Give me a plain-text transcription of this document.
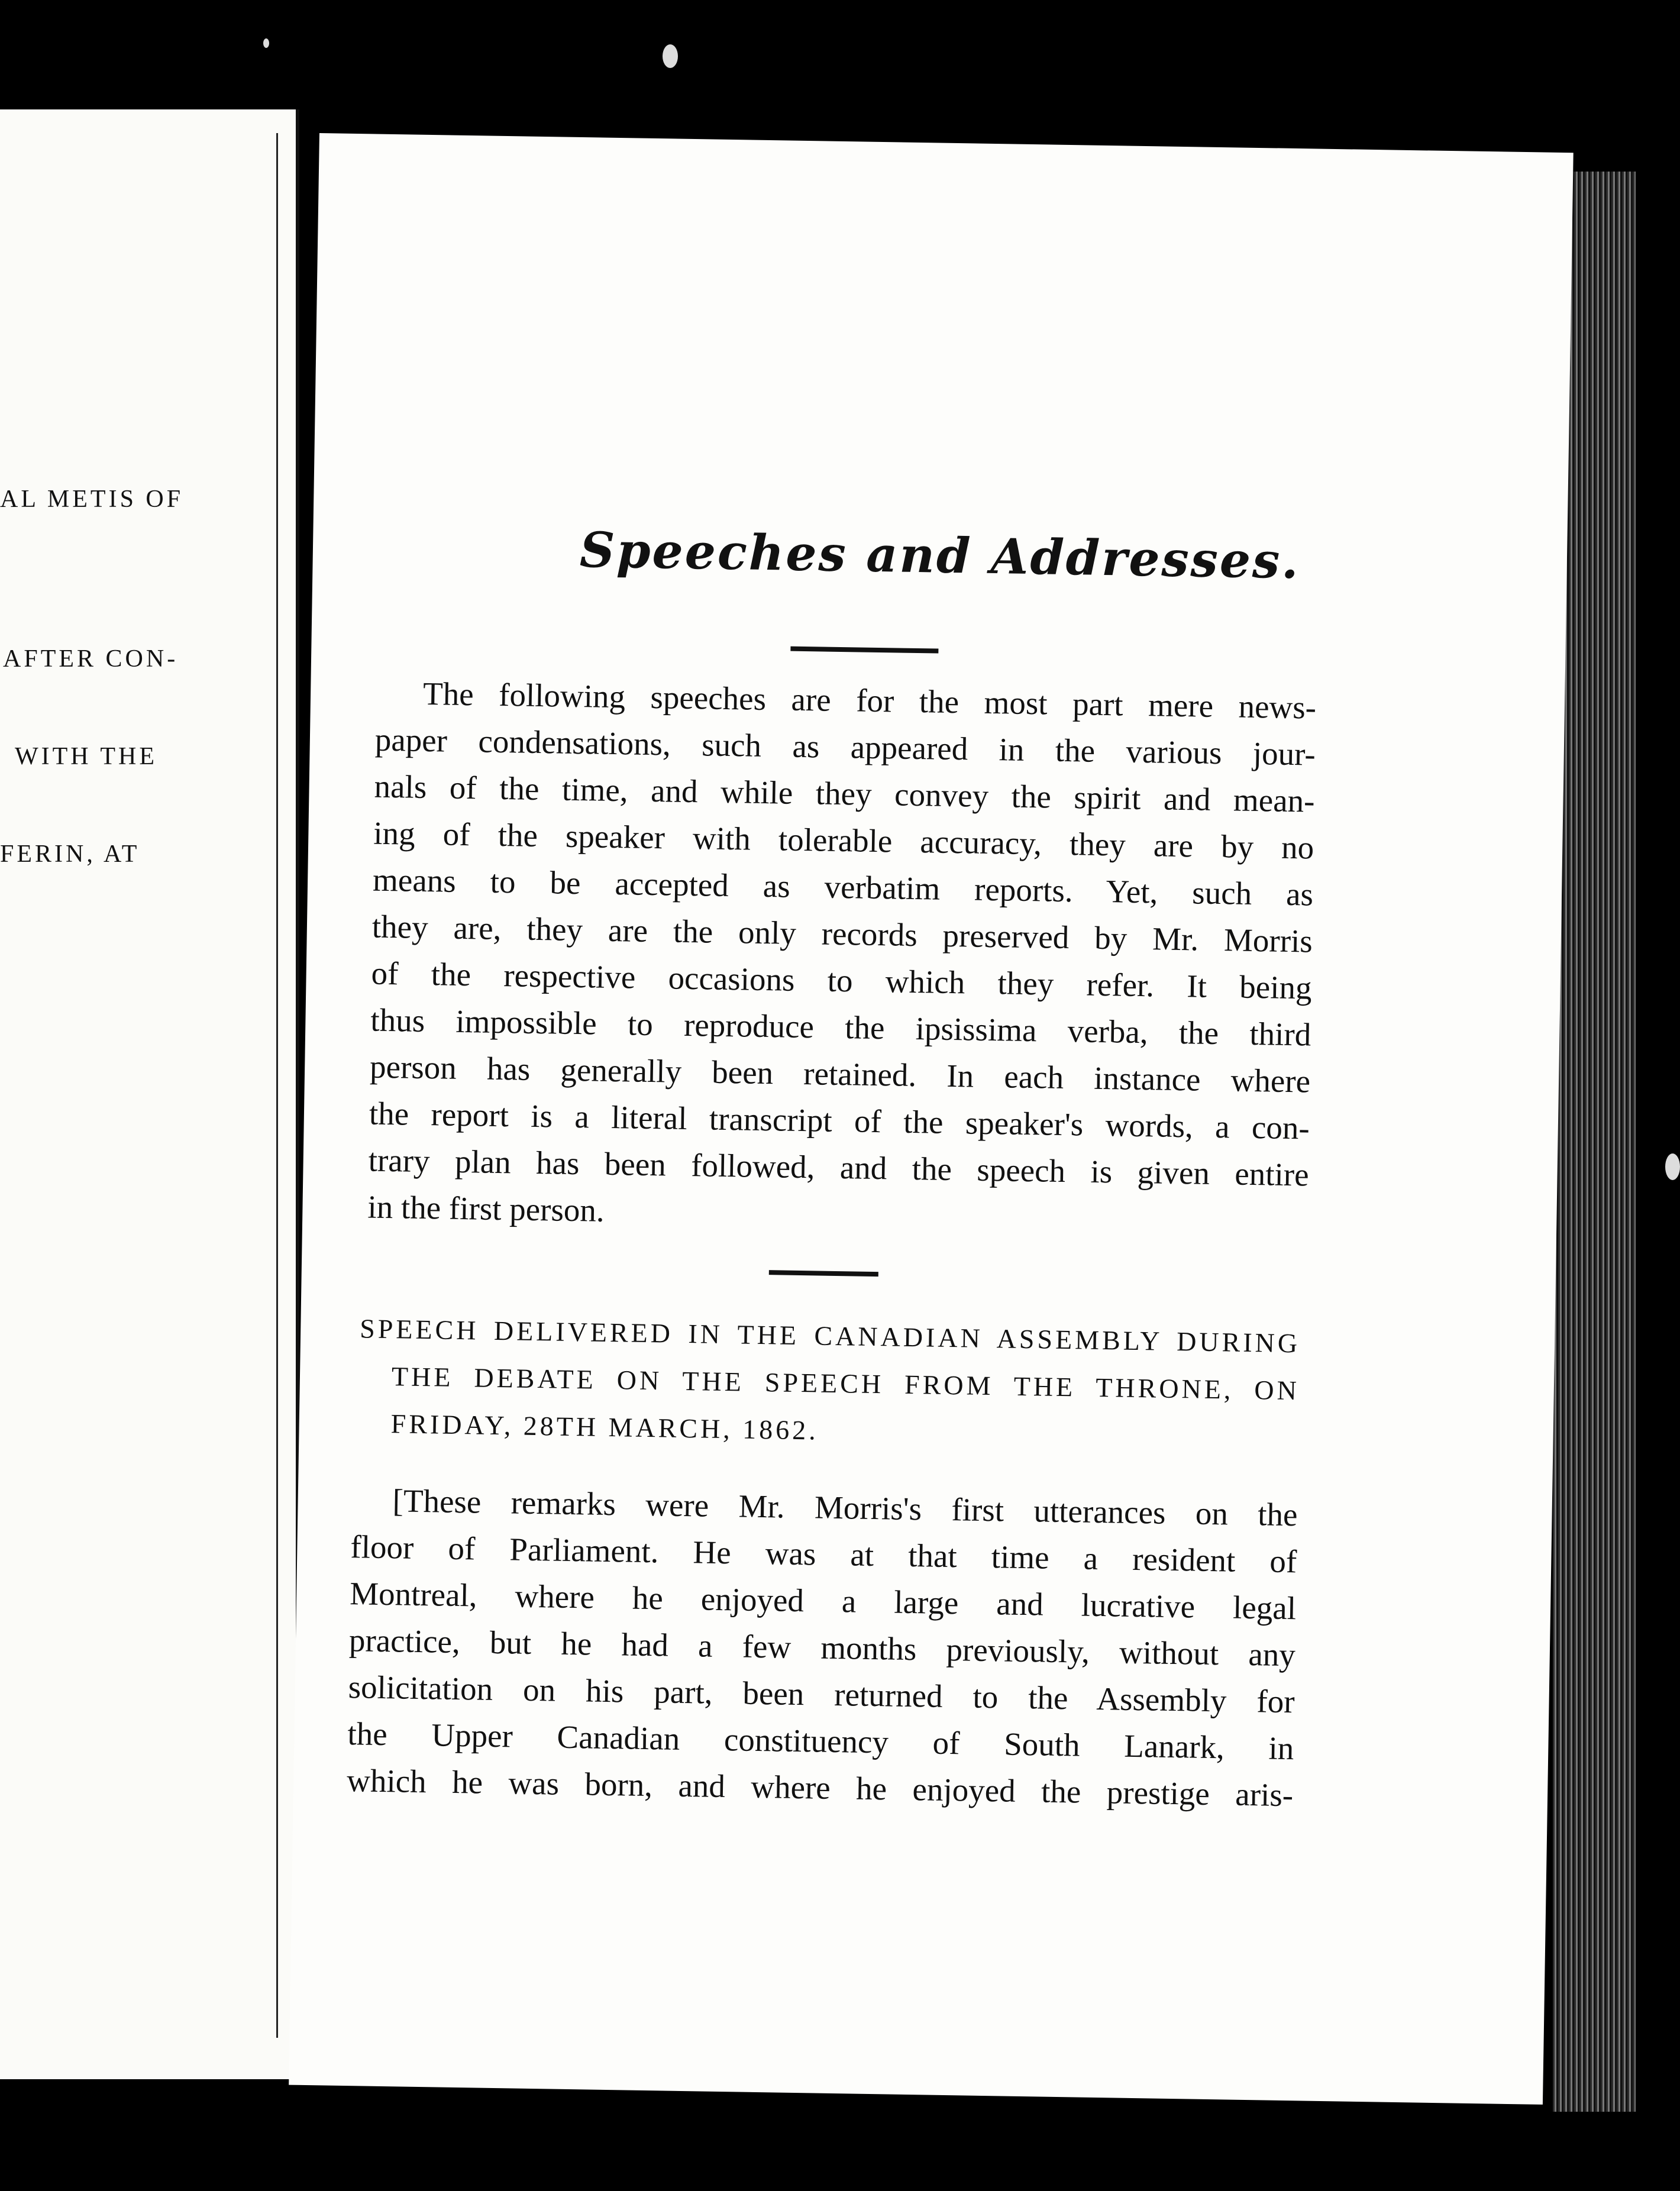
AL METIS OF
AFTER CON-
WITH THE
FERIN, AT
Speeches and Addresses.
The following speeches are for the most part mere news-
paper condensations, such as appeared in the various jour-
nals of the time, and while they convey the spirit and mean-
ing of the speaker with tolerable accuracy, they are by no
means to be accepted as verbatim reports. Yet, such as
they are, they are the only records preserved by Mr. Morris
of the respective occasions to which they refer. It being
thus impossible to reproduce the ipsissima verba, the third
person has generally been retained. In each instance where
the report is a literal transcript of the speaker's words, a con-
trary plan has been followed, and the speech is given entire
in the first person.
SPEECH DELIVERED IN THE CANADIAN ASSEMBLY DURING
THE DEBATE ON THE SPEECH FROM THE THRONE, ON
FRIDAY, 28TH MARCH, 1862.
[These remarks were Mr. Morris's first utterances on the
floor of Parliament. He was at that time a resident of
Montreal, where he enjoyed a large and lucrative legal
practice, but he had a few months previously, without any
solicitation on his part, been returned to the Assembly for
the Upper Canadian constituency of South Lanark, in
which he was born, and where he enjoyed the prestige aris-
